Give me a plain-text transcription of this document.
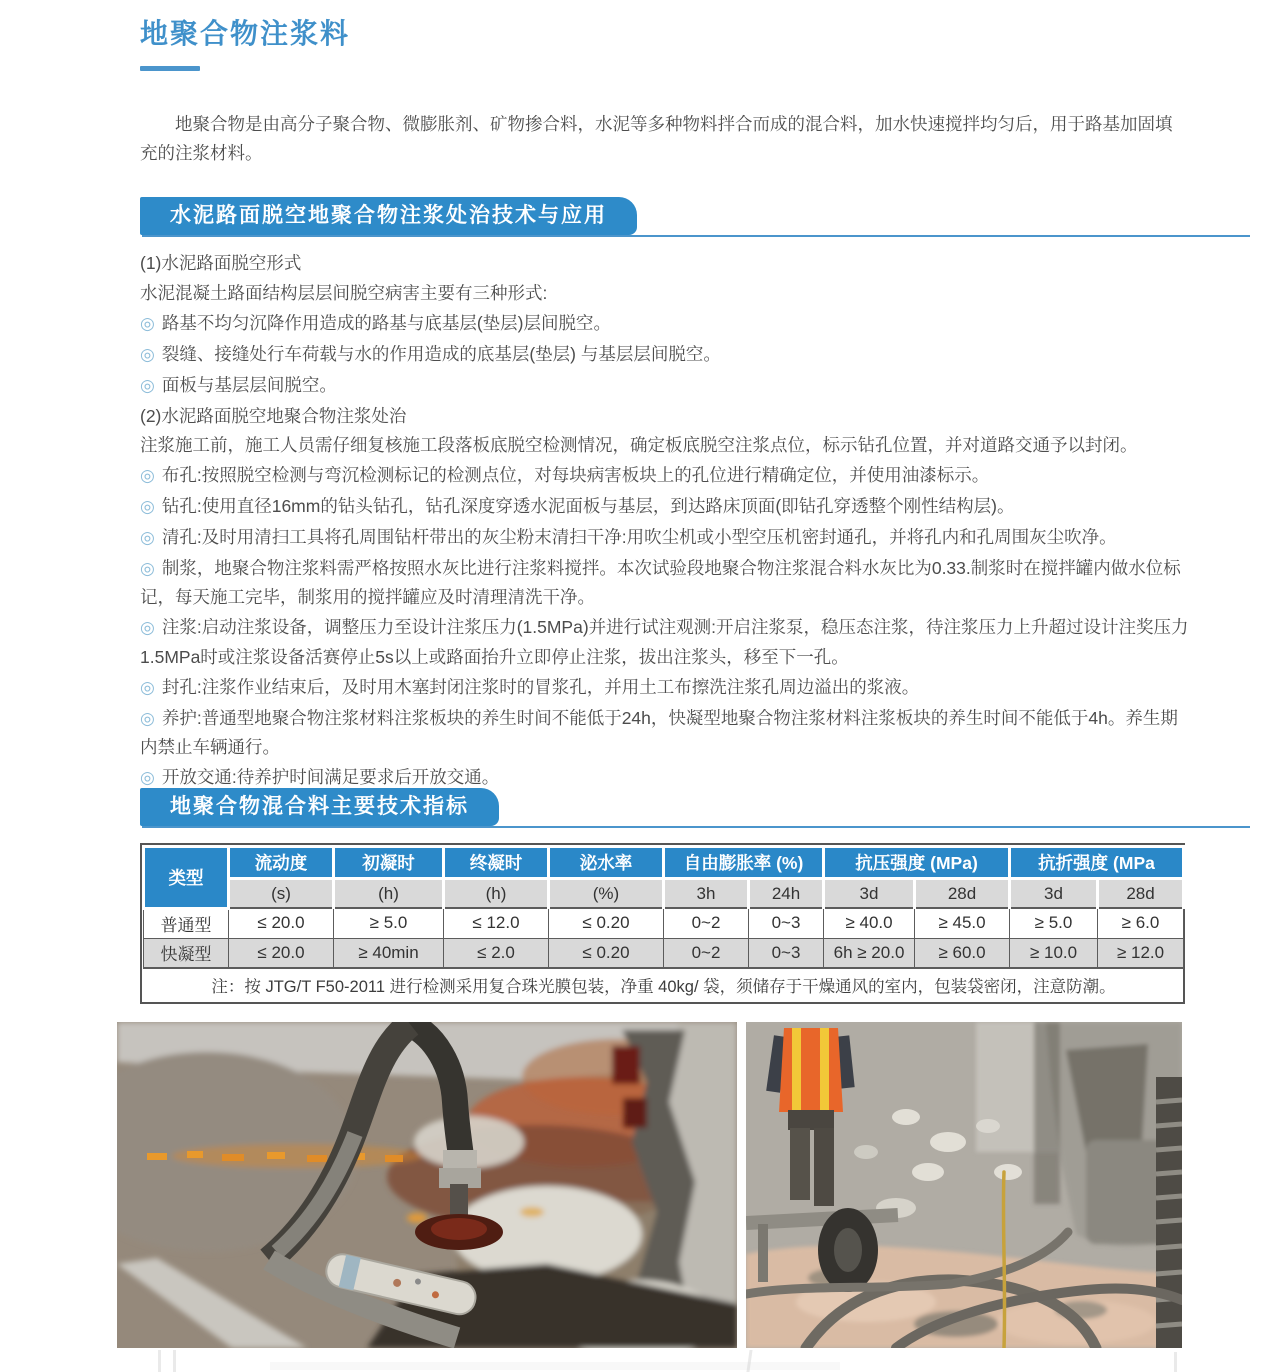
地聚合物注浆料
地聚合物是由高分子聚合物、微膨胀剂、矿物掺合料，水泥等多种物料拌合而成的混合料，加水快速搅拌均匀后，用于路基加固填充的注浆材料。
水泥路面脱空地聚合物注浆处治技术与应用
(1)水泥路面脱空形式
水泥混凝土路面结构层层间脱空病害主要有三种形式:
◎ 路基不均匀沉降作用造成的路基与底基层(垫层)层间脱空。
◎ 裂缝、接缝处行车荷载与水的作用造成的底基层(垫层) 与基层层间脱空。
◎ 面板与基层层间脱空。
(2)水泥路面脱空地聚合物注浆处治
注浆施工前，施工人员需仔细复核施工段落板底脱空检测情况，确定板底脱空注浆点位，标示钻孔位置，并对道路交通予以封闭。
◎ 布孔:按照脱空检测与弯沉检测标记的检测点位，对每块病害板块上的孔位进行精确定位，并使用油漆标示。
◎ 钻孔:使用直径16mm的钻头钻孔，钻孔深度穿透水泥面板与基层，到达路床顶面(即钻孔穿透整个刚性结构层)。
◎ 清孔:及时用清扫工具将孔周围钻杆带出的灰尘粉末清扫干净:用吹尘机或小型空压机密封通孔，并将孔内和孔周围灰尘吹净。
◎ 制浆，地聚合物注浆料需严格按照水灰比进行注浆料搅拌。本次试验段地聚合物注浆混合料水灰比为0.33.制浆时在搅拌罐内做水位标记，每天施工完毕，制浆用的搅拌罐应及时清理清洗干净。
◎ 注浆:启动注浆设备，调整压力至设计注浆压力(1.5MPa)并进行试注观测:开启注浆泵，稳压态注浆，待注浆压力上升超过设计注奖压力1.5MPa时或注浆设备活赛停止5s以上或路面抬升立即停止注浆，拔出注浆头，移至下一孔。
◎ 封孔:注浆作业结束后，及时用木塞封闭注浆时的冒浆孔，并用土工布擦洗注浆孔周边溢出的浆液。
◎ 养护:普通型地聚合物注浆材料注浆板块的养生时间不能低于24h，快凝型地聚合物注浆材料注浆板块的养生时间不能低于4h。养生期内禁止车辆通行。
◎ 开放交通:待养护时间满足要求后开放交通。
地聚合物混合料主要技术指标
类型	流动度	初凝时	终凝时	泌水率	自由膨胀率 (%)		抗压强度 (MPa)		抗折强度 (MPa	
	(s)	(h)	(h)	(%)	3h	24h	3d	28d	3d	28d
普通型	≤ 20.0	≥ 5.0	≤ 12.0	≤ 0.20	0~2	0~3	≥ 40.0	≥ 45.0	≥ 5.0	≥ 6.0
快凝型	≤ 20.0	≥ 40min	≤ 2.0	≤ 0.20	0~2	0~3	6h ≥ 20.0	≥ 60.0	≥ 10.0	≥ 12.0
注：按 JTG/T F50-2011 进行检测采用复合珠光膜包装，净重 40kg/ 袋，须储存于干燥通风的室内，包装袋密闭，注意防潮。										
